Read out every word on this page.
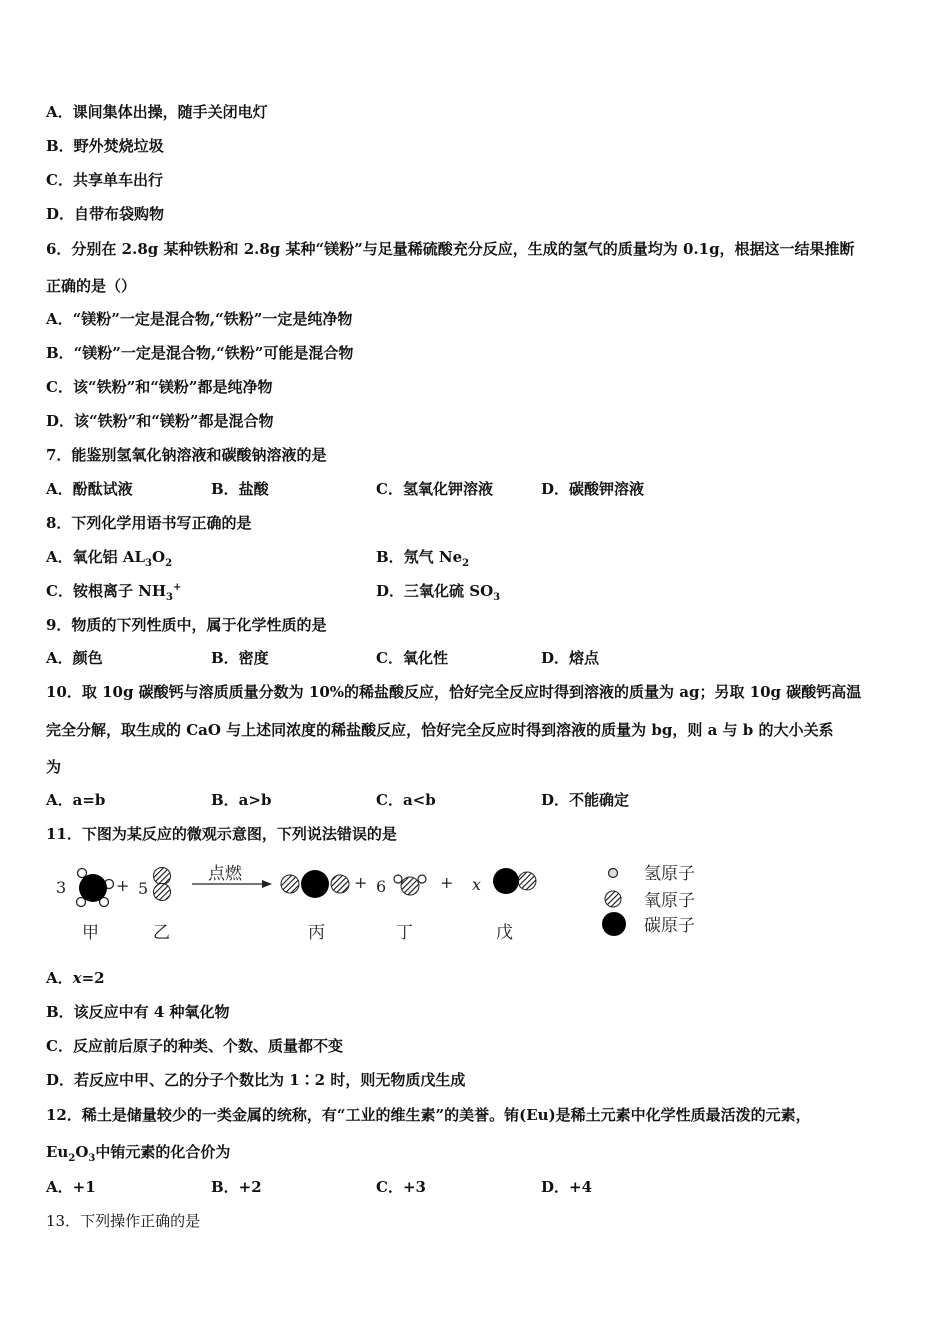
A．课间集体出操，随手关闭电灯
B．野外焚烧垃圾
C．共享单车出行
D．自带布袋购物
6．分别在 2.8g 某种铁粉和 2.8g 某种“镁粉”与足量稀硫酸充分反应，生成的氢气的质量均为 0.1g，根据这一结果推断
正确的是（）
A．“镁粉”一定是混合物,“铁粉”一定是纯净物
B．“镁粉”一定是混合物,“铁粉”可能是混合物
C．该“铁粉”和“镁粉”都是纯净物
D．该“铁粉”和“镁粉”都是混合物
7．能鉴别氢氧化钠溶液和碳酸钠溶液的是
A．酚酞试液	B．盐酸	C．氢氧化钾溶液	D．碳酸钾溶液
8．下列化学用语书写正确的是
A．氧化铝 $AL_3O_2$	B．氖气 $Ne_2$
C．铵根离子 $NH_3^+$	D．三氧化硫 $SO_3$
9．物质的下列性质中，属于化学性质的是
A．颜色	B．密度	C．氧化性	D．熔点
10．取 10g 碳酸钙与溶质质量分数为 10%的稀盐酸反应，恰好完全反应时得到溶液的质量为 ag；另取 10g 碳酸钙高温
完全分解，取生成的 CaO 与上述同浓度的稀盐酸反应，恰好完全反应时得到溶液的质量为 bg，则 a 与 b 的大小关系
为
A．a=b	B．a>b	C．a<b	D．不能确定
11．下图为某反应的微观示意图，下列说法错误的是
3	+ 5
点燃	+ 6	+ x
甲	乙	丙	丁	戊
氢原子
氧原子
碳原子
A．x=2
B．该反应中有 4 种氧化物
C．反应前后原子的种类、个数、质量都不变
D．若反应中甲、乙的分子个数比为 1∶2 时，则无物质戊生成
12．稀土是储量较少的一类金属的统称，有“工业的维生素”的美誉。铕(Eu)是稀土元素中化学性质最活泼的元素，
$Eu_2O_3$中铕元素的化合价为
A．+1	B．+2	C．+3	D．+4
13．下列操作正确的是
